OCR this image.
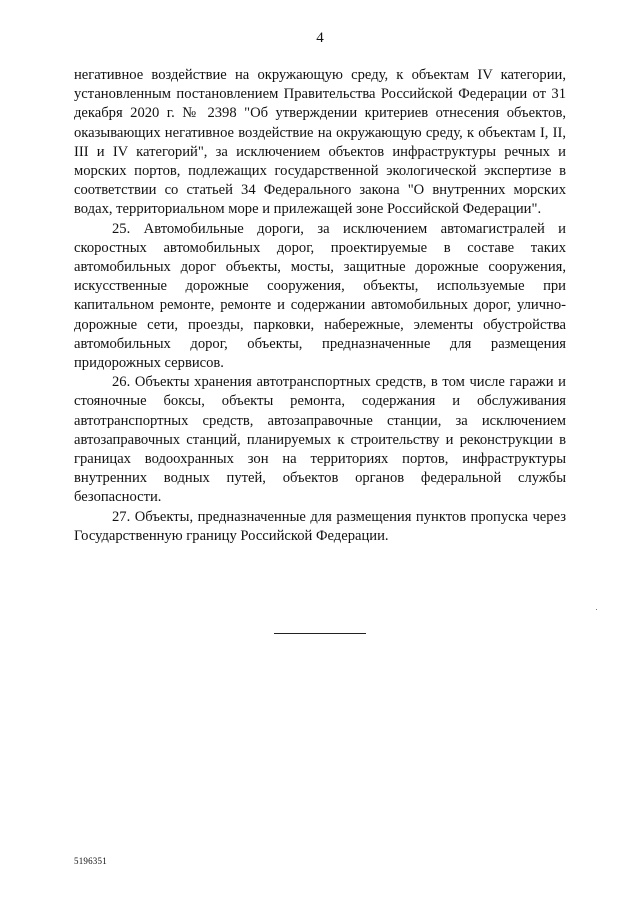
4

негативное воздействие на окружающую среду, к объектам IV категории, установленным постановлением Правительства Российской Федерации от 31 декабря 2020 г. № 2398 "Об утверждении критериев отнесения объектов, оказывающих негативное воздействие на окружающую среду, к объектам I, II, III и IV категорий", за исключением объектов инфраструктуры речных и морских портов, подлежащих государственной экологической экспертизе в соответствии со статьей 34 Федерального закона "О внутренних морских водах, территориальном море и прилежащей зоне Российской Федерации".

25. Автомобильные дороги, за исключением автомагистралей и скоростных автомобильных дорог, проектируемые в составе таких автомобильных дорог объекты, мосты, защитные дорожные сооружения, искусственные дорожные сооружения, объекты, используемые при капитальном ремонте, ремонте и содержании автомобильных дорог, улично-дорожные сети, проезды, парковки, набережные, элементы обустройства автомобильных дорог, объекты, предназначенные для размещения придорожных сервисов.

26. Объекты хранения автотранспортных средств, в том числе гаражи и стояночные боксы, объекты ремонта, содержания и обслуживания автотранспортных средств, автозаправочные станции, за исключением автозаправочных станций, планируемых к строительству и реконструкции в границах водоохранных зон на территориях портов, инфраструктуры внутренних водных путей, объектов органов федеральной службы безопасности.

27. Объекты, предназначенные для размещения пунктов пропуска через Государственную границу Российской Федерации.

5196351
